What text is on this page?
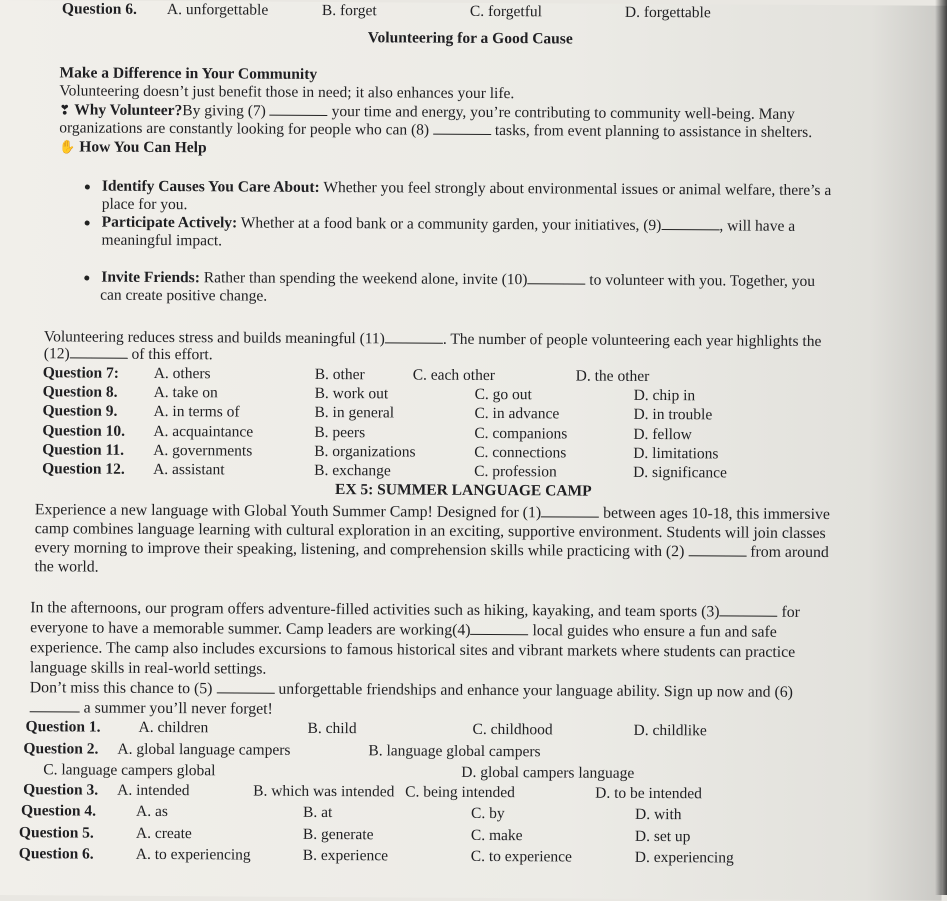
Question 6. A. unforgettable	B. forget	C. forgetful	D. forgettable
Volunteering for a Good Cause
Make a Difference in Your Community
Volunteering doesn’t just benefit those in need; it also enhances your life.
❣ Why Volunteer?By giving (7)	your time and energy, you’re contributing to community well-being. Many
organizations are constantly looking for people who can (8)	tasks, from event planning to assistance in shelters.
✋ How You Can Help
Identify Causes You Care About: Whether you feel strongly about environmental issues or animal welfare, there’s a
place for you.
Participate Actively: Whether at a food bank or a community garden, your initiatives, (9)	, will have a
meaningful impact.
Invite Friends: Rather than spending the weekend alone, invite (10)	to volunteer with you. Together, you
can create positive change.
Volunteering reduces stress and builds meaningful (11)	. The number of people volunteering each year highlights the
(12)	of this effort.
Question 7: A. others	B. other	C. each other	D. the other
Question 8. A. take on	B. work out	C. go out	D. chip in
Question 9. A. in terms of	B. in general	C. in advance	D. in trouble
Question 10. A. acquaintance	B. peers	C. companions	D. fellow
Question 11. A. governments	B. organizations	C. connections	D. limitations
Question 12. A. assistant	B. exchange	C. profession	D. significance
EX 5: SUMMER LANGUAGE CAMP
Experience a new language with Global Youth Summer Camp! Designed for (1)	between ages 10-18, this immersive
camp combines language learning with cultural exploration in an exciting, supportive environment. Students will join classes
every morning to improve their speaking, listening, and comprehension skills while practicing with (2)	from around
the world.
In the afternoons, our program offers adventure-filled activities such as hiking, kayaking, and team sports (3)	for
everyone to have a memorable summer. Camp leaders are working(4)	local guides who ensure a fun and safe
experience. The camp also includes excursions to famous historical sites and vibrant markets where students can practice
language skills in real-world settings.
Don’t miss this chance to (5)	unforgettable friendships and enhance your language ability. Sign up now and (6)
a summer you’ll never forget!
Question 1. A. children	B. child	C. childhood	D. childlike
Question 2. A. global language campers	B. language global campers
C. language campers global	D. global campers language
Question 3. A. intended	B. which was intended C. being intended	D. to be intended
Question 4.	A. as	B. at	C. by	D. with
Question 5.	A. create	B. generate	C. make	D. set up
Question 6.	A. to experiencing	B. experience	C. to experience	D. experiencing
